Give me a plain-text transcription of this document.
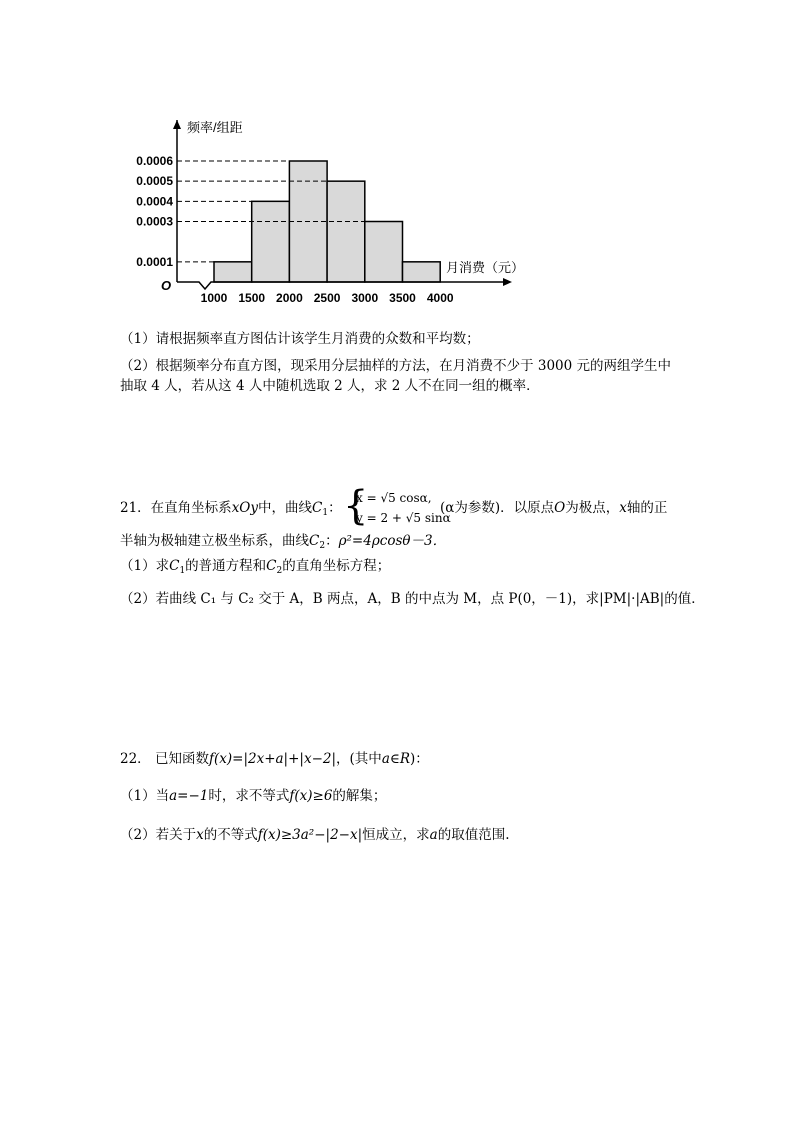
0.0006
0.0005
0.0004
0.0003
0.0001
1000 1500 2000 2500 3000 3500 4000
O
频率/组距
月消费（元）
（1）请根据频率直方图估计该学生月消费的众数和平均数；
（2）根据频率分布直方图，现采用分层抽样的方法，在月消费不少于 3000 元的两组学生中
抽取 4 人，若从这 4 人中随机选取 2 人，求 2 人不在同一组的概率．
21．在直角坐标系xOy中，曲线$C_1$： {
x = √5 cosα,
y = 2 + √5 sinα
(α为参数)．以原点O为极点，x轴的正
半轴为极轴建立极坐标系，曲线$C_2$：ρ²=4ρcosθ－3．
（1）求$C_1$的普通方程和$C_2$的直角坐标方程；
（2）若曲线 C₁ 与 C₂ 交于 A，B 两点，A，B 的中点为 M，点 P(0，－1)，求|PM|·|AB|的值．
22． 已知函数f(x)=|2x+a|+|x−2|，(其中a∈R)：
（1）当a=−1时，求不等式f(x)≥6的解集；
（2）若关于x的不等式f(x)≥3a²−|2−x|恒成立，求a的取值范围.
